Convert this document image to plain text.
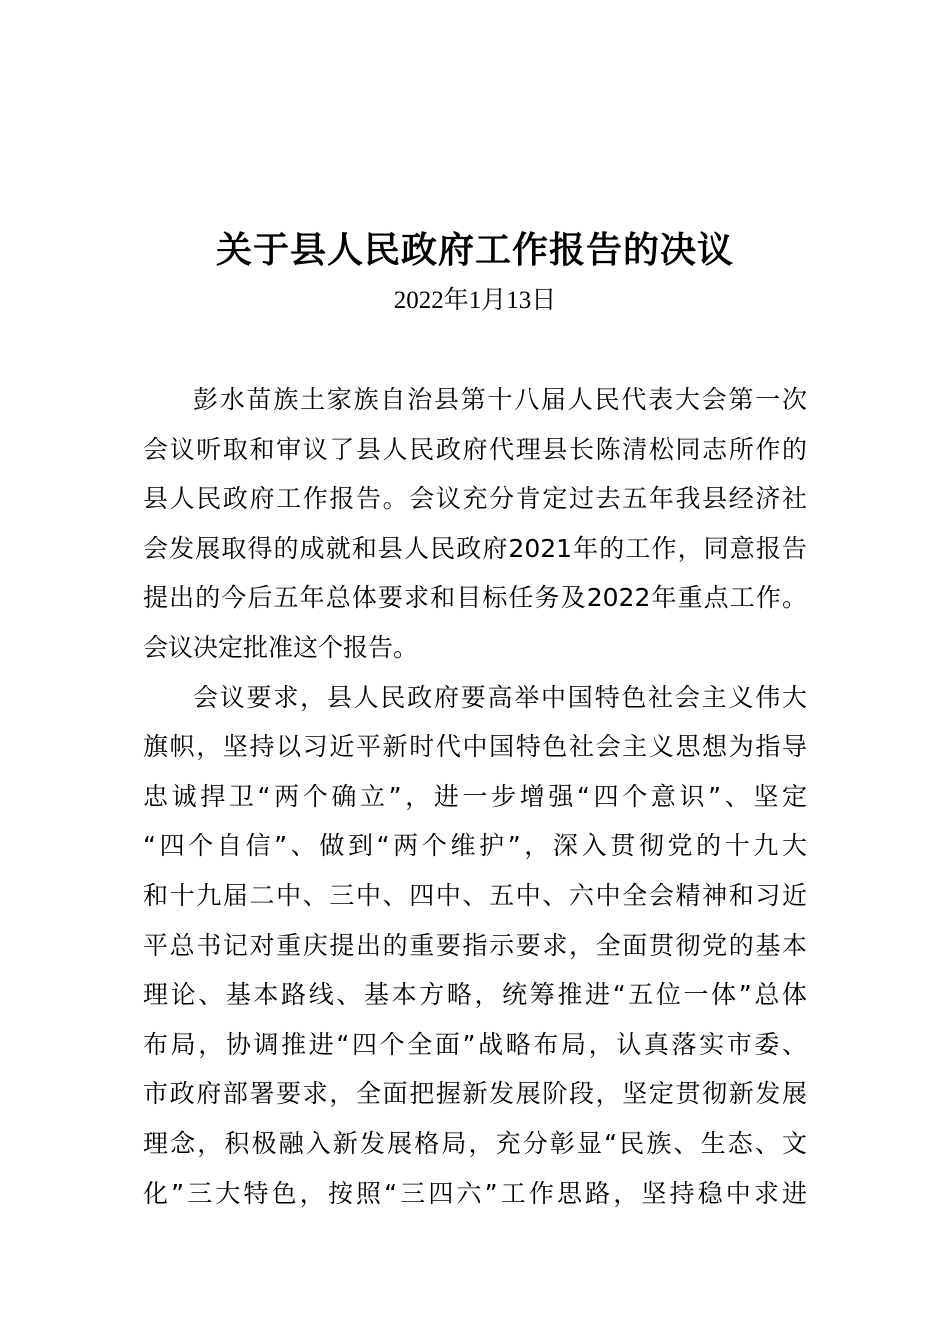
关于县人民政府工作报告的决议
2022年1月13日
彭水苗族土家族自治县第十八届人民代表大会第一次
会议听取和审议了县人民政府代理县长陈清松同志所作的
县人民政府工作报告。会议充分肯定过去五年我县经济社
会发展取得的成就和县人民政府2021年的工作，同意报告
提出的今后五年总体要求和目标任务及2022年重点工作。
会议决定批准这个报告。
会议要求，县人民政府要高举中国特色社会主义伟大
旗帜，坚持以习近平新时代中国特色社会主义思想为指导
忠诚捍卫“两个确立”，进一步增强“四个意识”、坚定
“四个自信”、做到“两个维护”，深入贯彻党的十九大
和十九届二中、三中、四中、五中、六中全会精神和习近
平总书记对重庆提出的重要指示要求，全面贯彻党的基本
理论、基本路线、基本方略，统筹推进“五位一体”总体
布局，协调推进“四个全面”战略布局，认真落实市委、
市政府部署要求，全面把握新发展阶段，坚定贯彻新发展
理念，积极融入新发展格局，充分彰显“民族、生态、文
化”三大特色，按照“三四六”工作思路，坚持稳中求进
